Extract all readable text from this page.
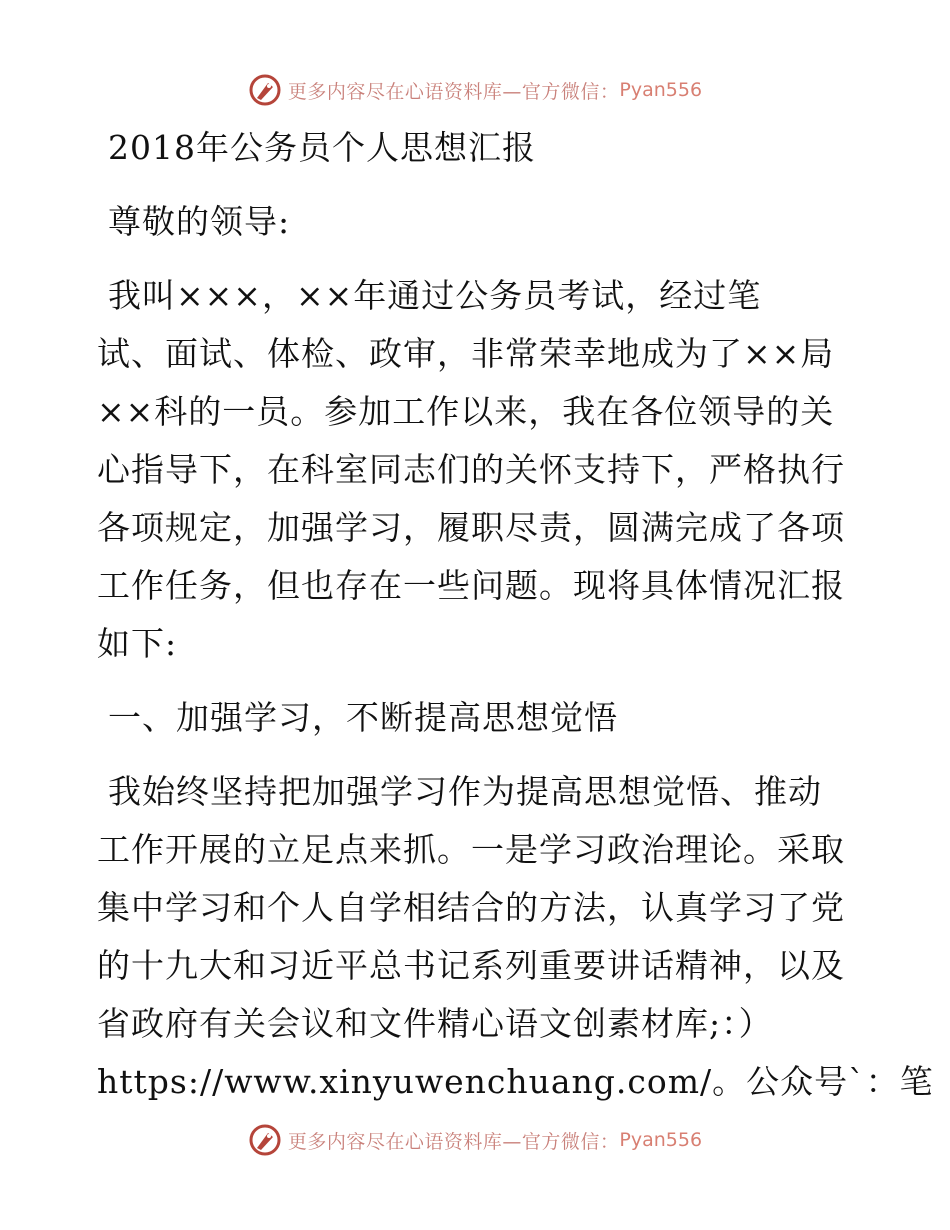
更多内容尽在心语资料库—官方微信： Pyan556
2018年公务员个人思想汇报
尊敬的领导:
我叫×××，××年通过公务员考试，经过笔
试、面试、体检、政审，非常荣幸地成为了××局
××科的一员。参加工作以来，我在各位领导的关
心指导下，在科室同志们的关怀支持下，严格执行
各项规定，加强学习，履职尽责，圆满完成了各项
工作任务，但也存在一些问题。现将具体情况汇报
如下:
一、加强学习，不断提高思想觉悟
我始终坚持把加强学习作为提高思想觉悟、推动
工作开展的立足点来抓。一是学习政治理论。采取
集中学习和个人自学相结合的方法，认真学习了党
的十九大和习近平总书记系列重要讲话精神，以及
省政府有关会议和文件精心语文创素材库;：）
https://www.xinyuwenchuang.com/。公众号`：笔
更多内容尽在心语资料库—官方微信： Pyan556
